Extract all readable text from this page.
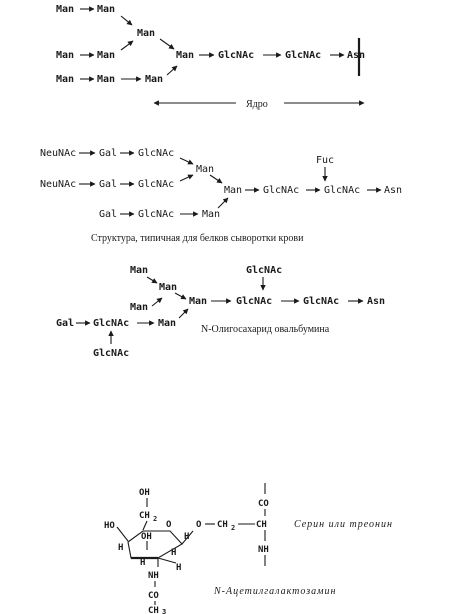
Man Man
Man
Man Man	Man GlcNAc	GlcNAc	Asn
Man Man	Man
Ядро
NeuNAc Gal GlcNAc
Man
Fuc
NeuNAc Gal GlcNAc
Man GlcNAc GlcNAc Asn
Gal GlcNAc	Man
Структура, типичная для белков сыворотки крови
Man	GlcNAc
Man
Man	GlcNAc	GlcNAc	Asn
Man
Gal GlcNAc	Man
N-Олигосахарид овальбумина
GlcNAc
OH
CH 2
O
HO
H
OH
H
H
O CH 2 CH
CO
NH
Серин или треонин
H
H
NH
CO
CH 3
N-Ацетилгалактозамин
